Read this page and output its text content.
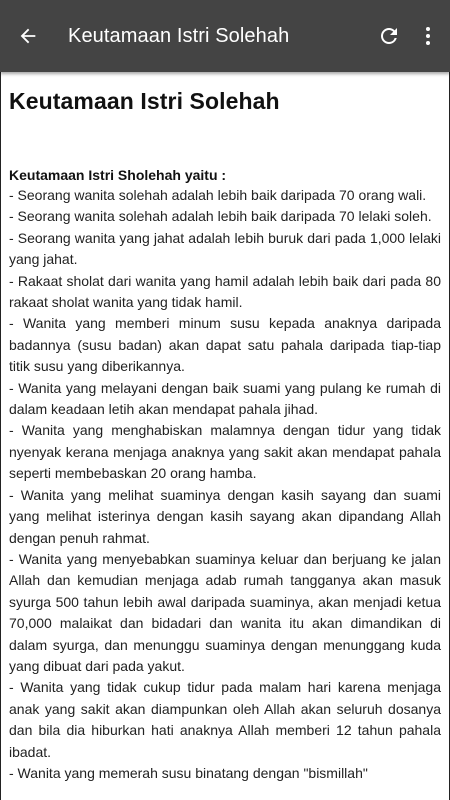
Keutamaan Istri Solehah
Keutamaan Istri Solehah
Keutamaan Istri Sholehah yaitu :
- Seorang wanita solehah adalah lebih baik daripada 70 orang wali.
- Seorang wanita solehah adalah lebih baik daripada 70 lelaki soleh.
- Seorang wanita yang jahat adalah lebih buruk dari pada 1,000 lelaki yang jahat.
- Rakaat sholat dari wanita yang hamil adalah lebih baik dari pada 80 rakaat sholat wanita yang tidak hamil.
- Wanita yang memberi minum susu kepada anaknya daripada badannya (susu badan) akan dapat satu pahala daripada tiap-tiap titik susu yang diberikannya.
- Wanita yang melayani dengan baik suami yang pulang ke rumah di dalam keadaan letih akan mendapat pahala jihad.
- Wanita yang menghabiskan malamnya dengan tidur yang tidak nyenyak kerana menjaga anaknya yang sakit akan mendapat pahala seperti membebaskan 20 orang hamba.
- Wanita yang melihat suaminya dengan kasih sayang dan suami yang melihat isterinya dengan kasih sayang akan dipandang Allah dengan penuh rahmat.
- Wanita yang menyebabkan suaminya keluar dan berjuang ke jalan Allah dan kemudian menjaga adab rumah tangganya akan masuk syurga 500 tahun lebih awal daripada suaminya, akan menjadi ketua 70,000 malaikat dan bidadari dan wanita itu akan dimandikan di dalam syurga, dan menunggu suaminya dengan menunggang kuda yang dibuat dari pada yakut.
- Wanita yang tidak cukup tidur pada malam hari karena menjaga anak yang sakit akan diampunkan oleh Allah akan seluruh dosanya dan bila dia hiburkan hati anaknya Allah memberi 12 tahun pahala ibadat.
- Wanita yang memerah susu binatang dengan "bismillah"
